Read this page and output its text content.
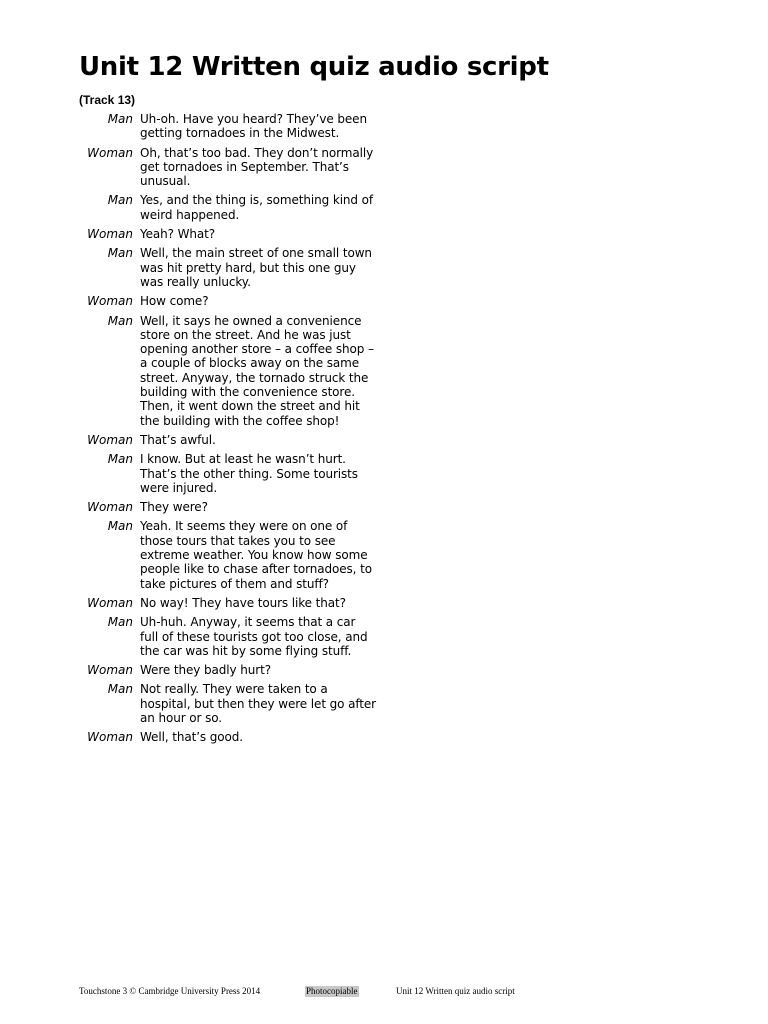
Unit 12 Written quiz audio script
(Track 13)
Man Uh-oh. Have you heard? They’ve been getting tornadoes in the Midwest.
Woman Oh, that’s too bad. They don’t normally get tornadoes in September. That’s unusual.
Man Yes, and the thing is, something kind of weird happened.
Woman Yeah? What?
Man Well, the main street of one small town was hit pretty hard, but this one guy was really unlucky.
Woman How come?
Man Well, it says he owned a convenience store on the street. And he was just opening another store – a coffee shop – a couple of blocks away on the same street. Anyway, the tornado struck the building with the convenience store. Then, it went down the street and hit the building with the coffee shop!
Woman That’s awful.
Man I know. But at least he wasn’t hurt. That’s the other thing. Some tourists were injured.
Woman They were?
Man Yeah. It seems they were on one of those tours that takes you to see extreme weather. You know how some people like to chase after tornadoes, to take pictures of them and stuff?
Woman No way! They have tours like that?
Man Uh-huh. Anyway, it seems that a car full of these tourists got too close, and the car was hit by some flying stuff.
Woman Were they badly hurt?
Man Not really. They were taken to a hospital, but then they were let go after an hour or so.
Woman Well, that’s good.
Touchstone 3 © Cambridge University Press 2014	Photocopiable	Unit 12 Written quiz audio script
